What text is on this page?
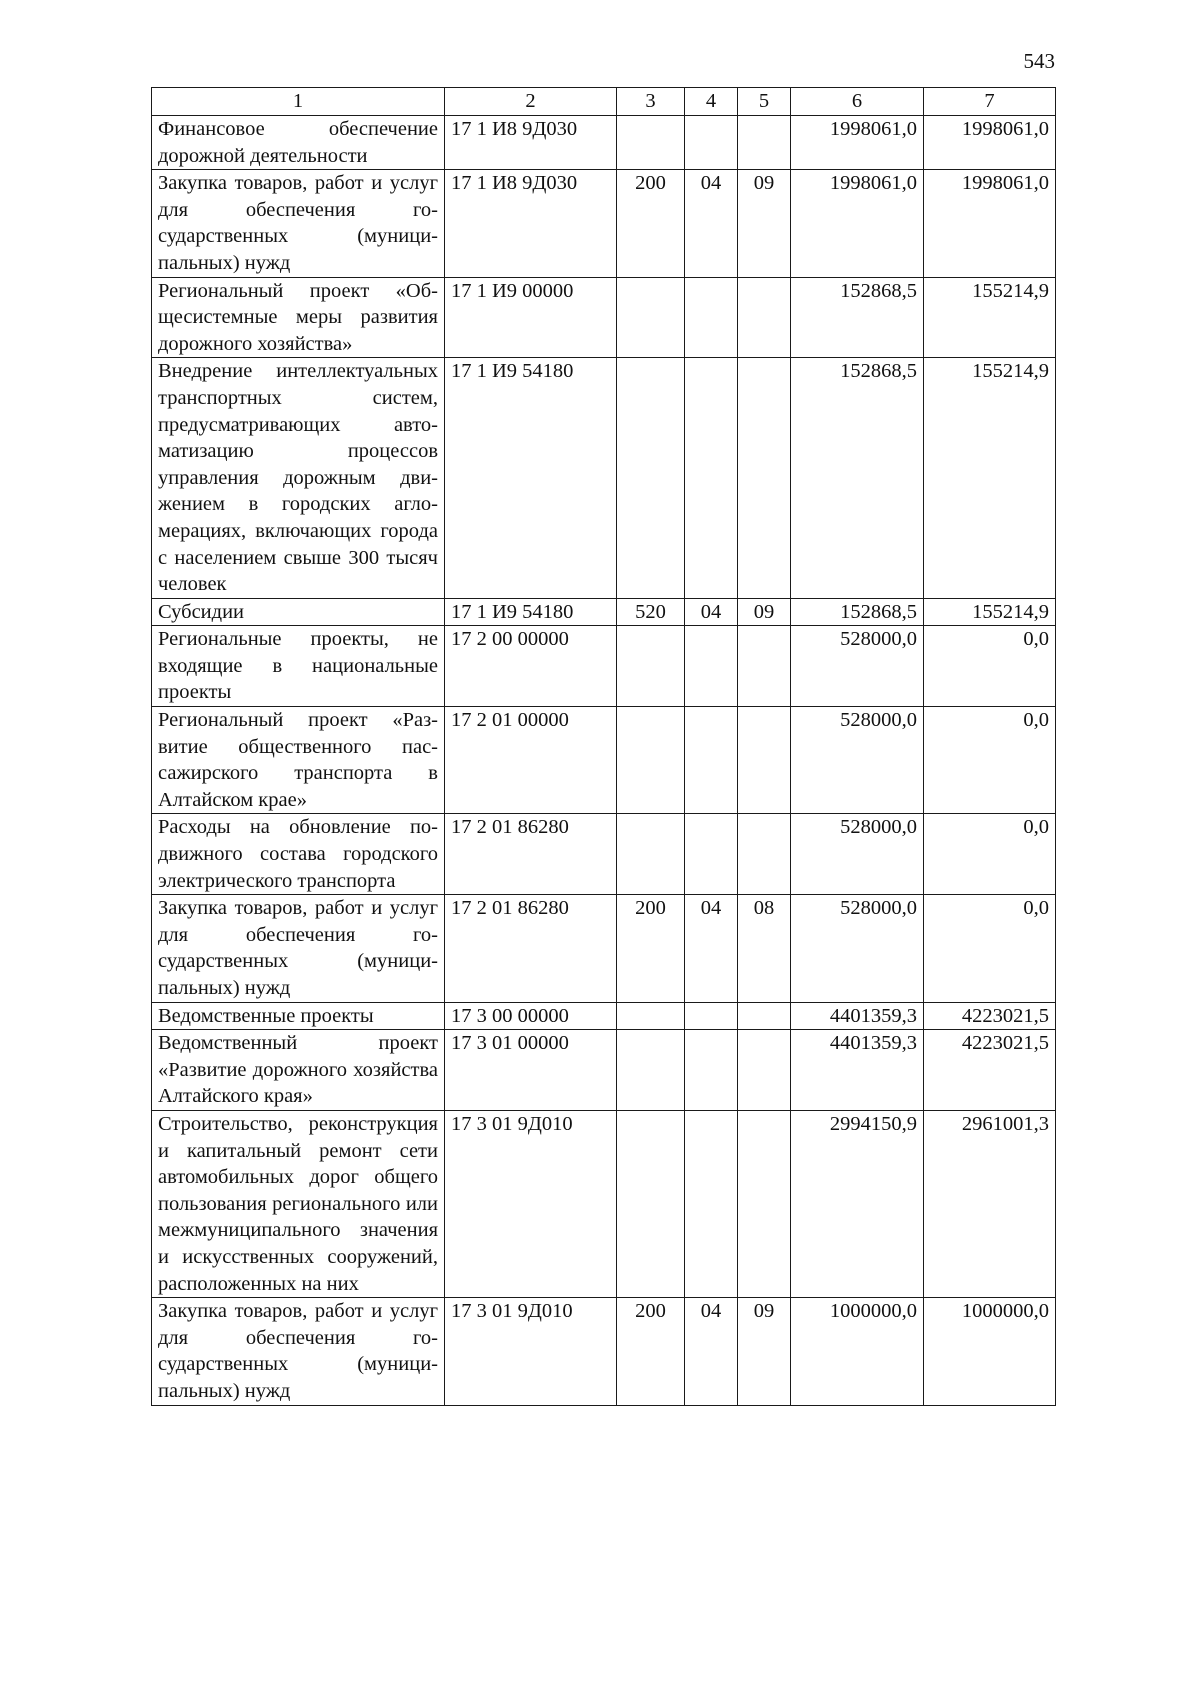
543
1	2	3	4	5	6	7
Финансовое обеспечение дорожной деятельности	17 1 И8 9Д030				1998061,0	1998061,0
Закупка товаров, работ и услуг для обеспечения государственных (муниципальных) нужд	17 1 И8 9Д030	200	04	09	1998061,0	1998061,0
Региональный проект «Общесистемные меры развития дорожного хозяйства»	17 1 И9 00000				152868,5	155214,9
Внедрение интеллектуальных транспортных систем, предусматривающих автоматизацию процессов управления дорожным движением в городских агломерациях, включающих города с населением свыше 300 тысяч человек	17 1 И9 54180				152868,5	155214,9
Субсидии	17 1 И9 54180	520	04	09	152868,5	155214,9
Региональные проекты, не входящие в национальные проекты	17 2 00 00000				528000,0	0,0
Региональный проект «Развитие общественного пассажирского транспорта в Алтайском крае»	17 2 01 00000				528000,0	0,0
Расходы на обновление подвижного состава городского электрического транспорта	17 2 01 86280				528000,0	0,0
Закупка товаров, работ и услуг для обеспечения государственных (муниципальных) нужд	17 2 01 86280	200	04	08	528000,0	0,0
Ведомственные проекты	17 3 00 00000				4401359,3	4223021,5
Ведомственный проект «Развитие дорожного хозяйства Алтайского края»	17 3 01 00000				4401359,3	4223021,5
Строительство, реконструкция и капитальный ремонт сети автомобильных дорог общего пользования регионального или межмуниципального значения и искусственных сооружений, расположенных на них	17 3 01 9Д010				2994150,9	2961001,3
Закупка товаров, работ и услуг для обеспечения государственных (муниципальных) нужд	17 3 01 9Д010	200	04	09	1000000,0	1000000,0
